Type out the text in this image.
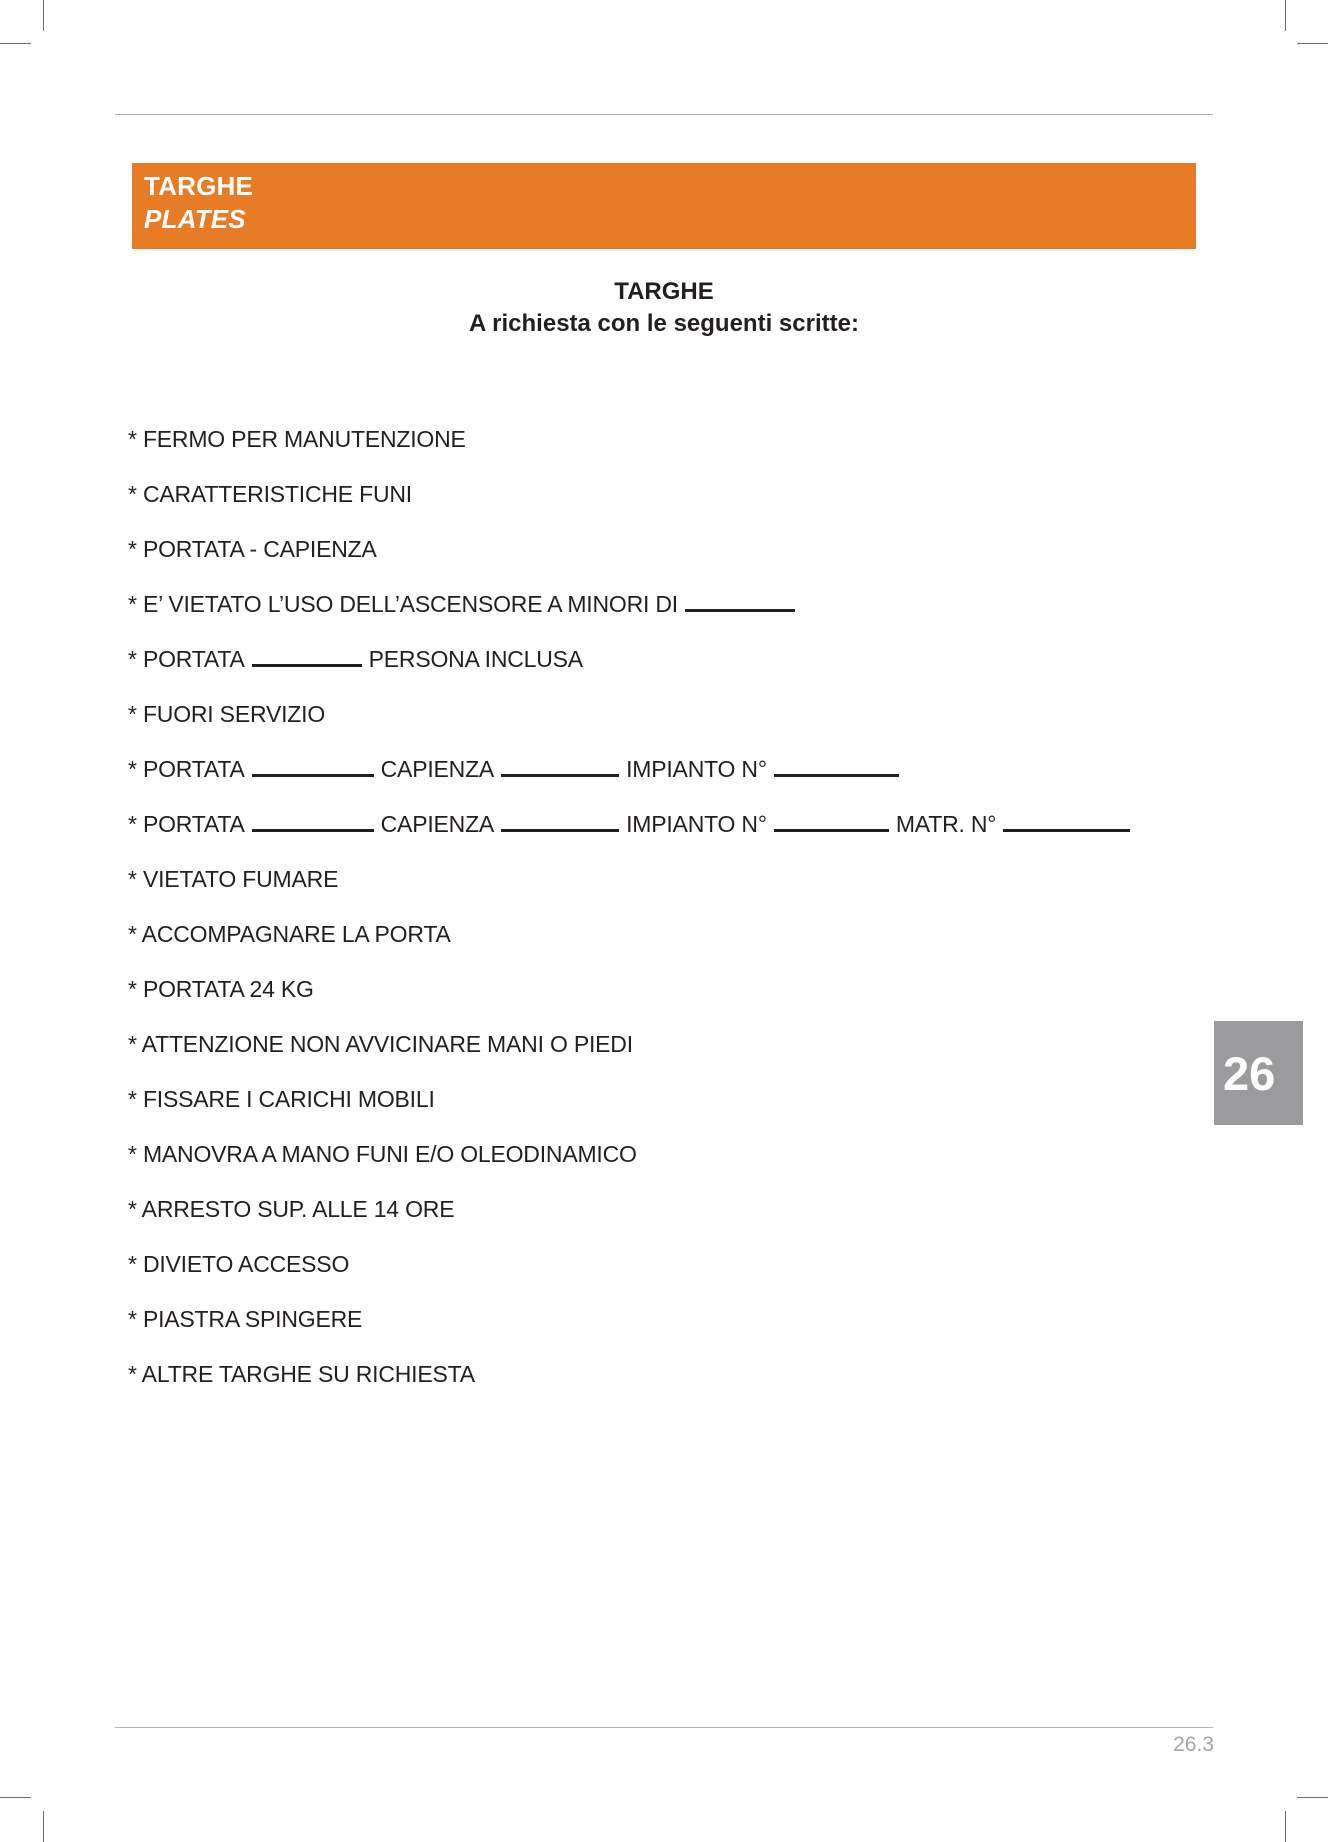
TARGHE
PLATES
TARGHE
A richiesta con le seguenti scritte:
* FERMO PER MANUTENZIONE
* CARATTERISTICHE FUNI
* PORTATA - CAPIENZA
* E’ VIETATO L’USO DELL’ASCENSORE A MINORI DI
* PORTATA	PERSONA INCLUSA
* FUORI SERVIZIO
* PORTATA	CAPIENZA	IMPIANTO N°
* PORTATA	CAPIENZA	IMPIANTO N°	MATR. N°
* VIETATO FUMARE
* ACCOMPAGNARE LA PORTA
* PORTATA 24 KG
* ATTENZIONE NON AVVICINARE MANI O PIEDI
* FISSARE I CARICHI MOBILI
* MANOVRA A MANO FUNI E/O OLEODINAMICO
* ARRESTO SUP. ALLE 14 ORE
* DIVIETO ACCESSO
* PIASTRA SPINGERE
* ALTRE TARGHE SU RICHIESTA
26
26.3
